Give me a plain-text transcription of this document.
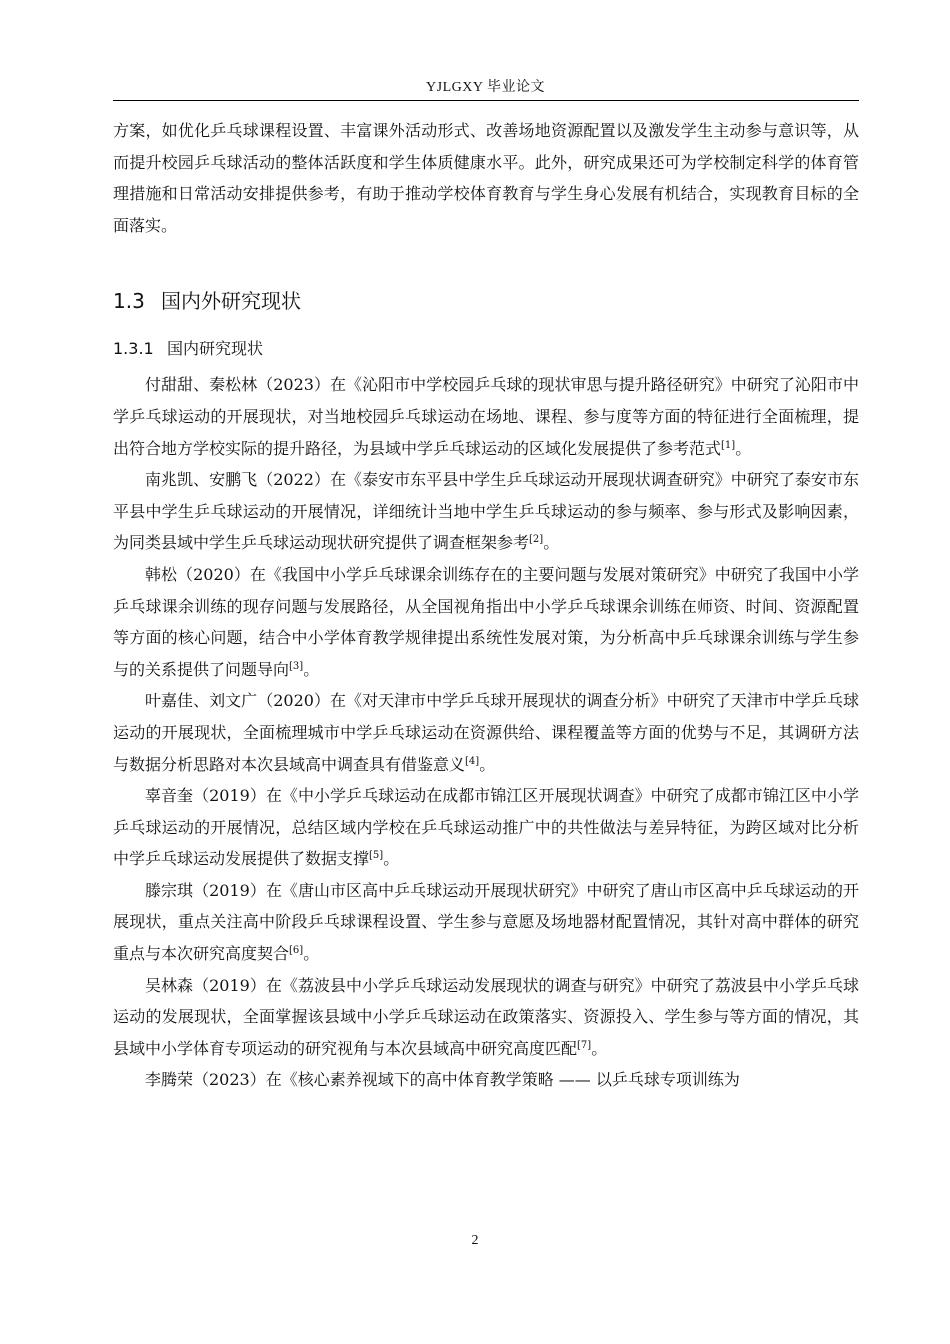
YJLGXY 毕业论文

方案，如优化乒乓球课程设置、丰富课外活动形式、改善场地资源配置以及激发学生主动参与意识等，从而提升校园乒乓球活动的整体活跃度和学生体质健康水平。此外，研究成果还可为学校制定科学的体育管理措施和日常活动安排提供参考，有助于推动学校体育教育与学生身心发展有机结合，实现教育目标的全面落实。

1.3 国内外研究现状
1.3.1 国内研究现状

付甜甜、秦松林（2023）在《沁阳市中学校园乒乓球的现状审思与提升路径研究》中研究了沁阳市中学乒乓球运动的开展现状，对当地校园乒乓球运动在场地、课程、参与度等方面的特征进行全面梳理，提出符合地方学校实际的提升路径，为县域中学乒乓球运动的区域化发展提供了参考范式[1]。

南兆凯、安鹏飞（2022）在《泰安市东平县中学生乒乓球运动开展现状调查研究》中研究了泰安市东平县中学生乒乓球运动的开展情况，详细统计当地中学生乒乓球运动的参与频率、参与形式及影响因素，为同类县域中学生乒乓球运动现状研究提供了调查框架参考[2]。

韩松（2020）在《我国中小学乒乓球课余训练存在的主要问题与发展对策研究》中研究了我国中小学乒乓球课余训练的现存问题与发展路径，从全国视角指出中小学乒乓球课余训练在师资、时间、资源配置等方面的核心问题，结合中小学体育教学规律提出系统性发展对策，为分析高中乒乓球课余训练与学生参与的关系提供了问题导向[3]。

叶嘉佳、刘文广（2020）在《对天津市中学乒乓球开展现状的调查分析》中研究了天津市中学乒乓球运动的开展现状，全面梳理城市中学乒乓球运动在资源供给、课程覆盖等方面的优势与不足，其调研方法与数据分析思路对本次县域高中调查具有借鉴意义[4]。

辜音奎（2019）在《中小学乒乓球运动在成都市锦江区开展现状调查》中研究了成都市锦江区中小学乒乓球运动的开展情况，总结区域内学校在乒乓球运动推广中的共性做法与差异特征，为跨区域对比分析中学乒乓球运动发展提供了数据支撑[5]。

滕宗琪（2019）在《唐山市区高中乒乓球运动开展现状研究》中研究了唐山市区高中乒乓球运动的开展现状，重点关注高中阶段乒乓球课程设置、学生参与意愿及场地器材配置情况，其针对高中群体的研究重点与本次研究高度契合[6]。

吴林森（2019）在《荔波县中小学乒乓球运动发展现状的调查与研究》中研究了荔波县中小学乒乓球运动的发展现状，全面掌握该县域中小学乒乓球运动在政策落实、资源投入、学生参与等方面的情况，其县域中小学体育专项运动的研究视角与本次县域高中研究高度匹配[7]。

李腾荣（2023）在《核心素养视域下的高中体育教学策略 —— 以乒乓球专项训练为

2
